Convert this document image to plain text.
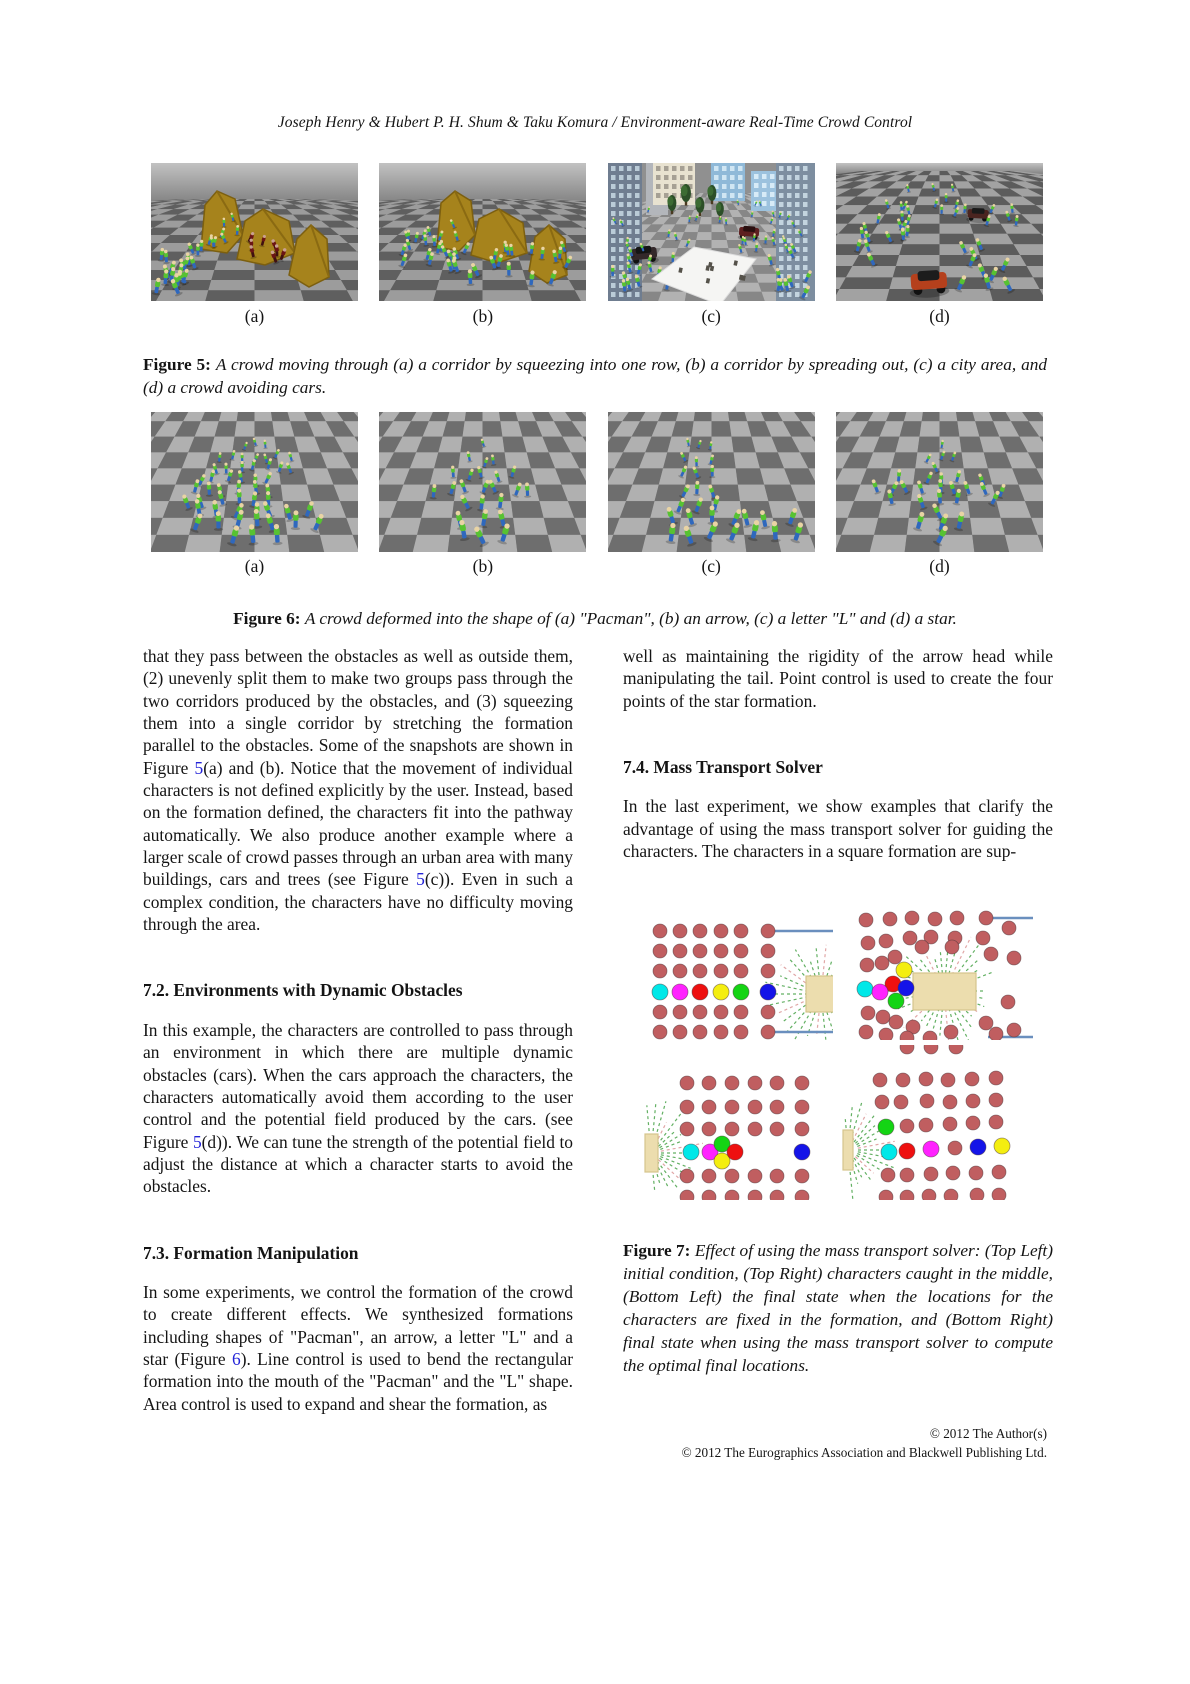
Joseph Henry & Hubert P. H. Shum & Taku Komura / Environment-aware Real-Time Crowd Control
(a)	(b)	(c)	(d)

Figure 5: A crowd moving through (a) a corridor by squeezing into one row, (b) a corridor by spreading out, (c) a city area, and (d) a crowd avoiding cars.

(a)	(b)	(c)	(d)

Figure 6: A crowd deformed into the shape of (a) "Pacman", (b) an arrow, (c) a letter "L" and (d) a star.

that they pass between the obstacles as well as outside them, (2) unevenly split them to make two groups pass through the two corridors produced by the obstacles, and (3) squeezing them into a single corridor by stretching the formation parallel to the obstacles. Some of the snapshots are shown in Figure 5(a) and (b). Notice that the movement of individual characters is not defined explicitly by the user. Instead, based on the formation defined, the characters fit into the pathway automatically. We also produce another example where a larger scale of crowd passes through an urban area with many buildings, cars and trees (see Figure 5(c)). Even in such a complex condition, the characters have no difficulty moving through the area.

7.2. Environments with Dynamic Obstacles

In this example, the characters are controlled to pass through an environment in which there are multiple dynamic obstacles (cars). When the cars approach the characters, the characters automatically avoid them according to the user control and the potential field produced by the cars. (see Figure 5(d)). We can tune the strength of the potential field to adjust the distance at which a character starts to avoid the obstacles.

7.3. Formation Manipulation

In some experiments, we control the formation of the crowd to create different effects. We synthesized formations including shapes of "Pacman", an arrow, a letter "L" and a star (Figure 6). Line control is used to bend the rectangular formation into the mouth of the "Pacman" and the "L" shape. Area control is used to expand and shear the formation, as

well as maintaining the rigidity of the arrow head while manipulating the tail. Point control is used to create the four points of the star formation.

7.4. Mass Transport Solver

In the last experiment, we show examples that clarify the advantage of using the mass transport solver for guiding the characters. The characters in a square formation are sup-

Figure 7: Effect of using the mass transport solver: (Top Left) initial condition, (Top Right) characters caught in the middle, (Bottom Left) the final state when the locations for the characters are fixed in the formation, and (Bottom Right) final state when using the mass transport solver to compute the optimal final locations.

© 2012 The Author(s)
© 2012 The Eurographics Association and Blackwell Publishing Ltd.
